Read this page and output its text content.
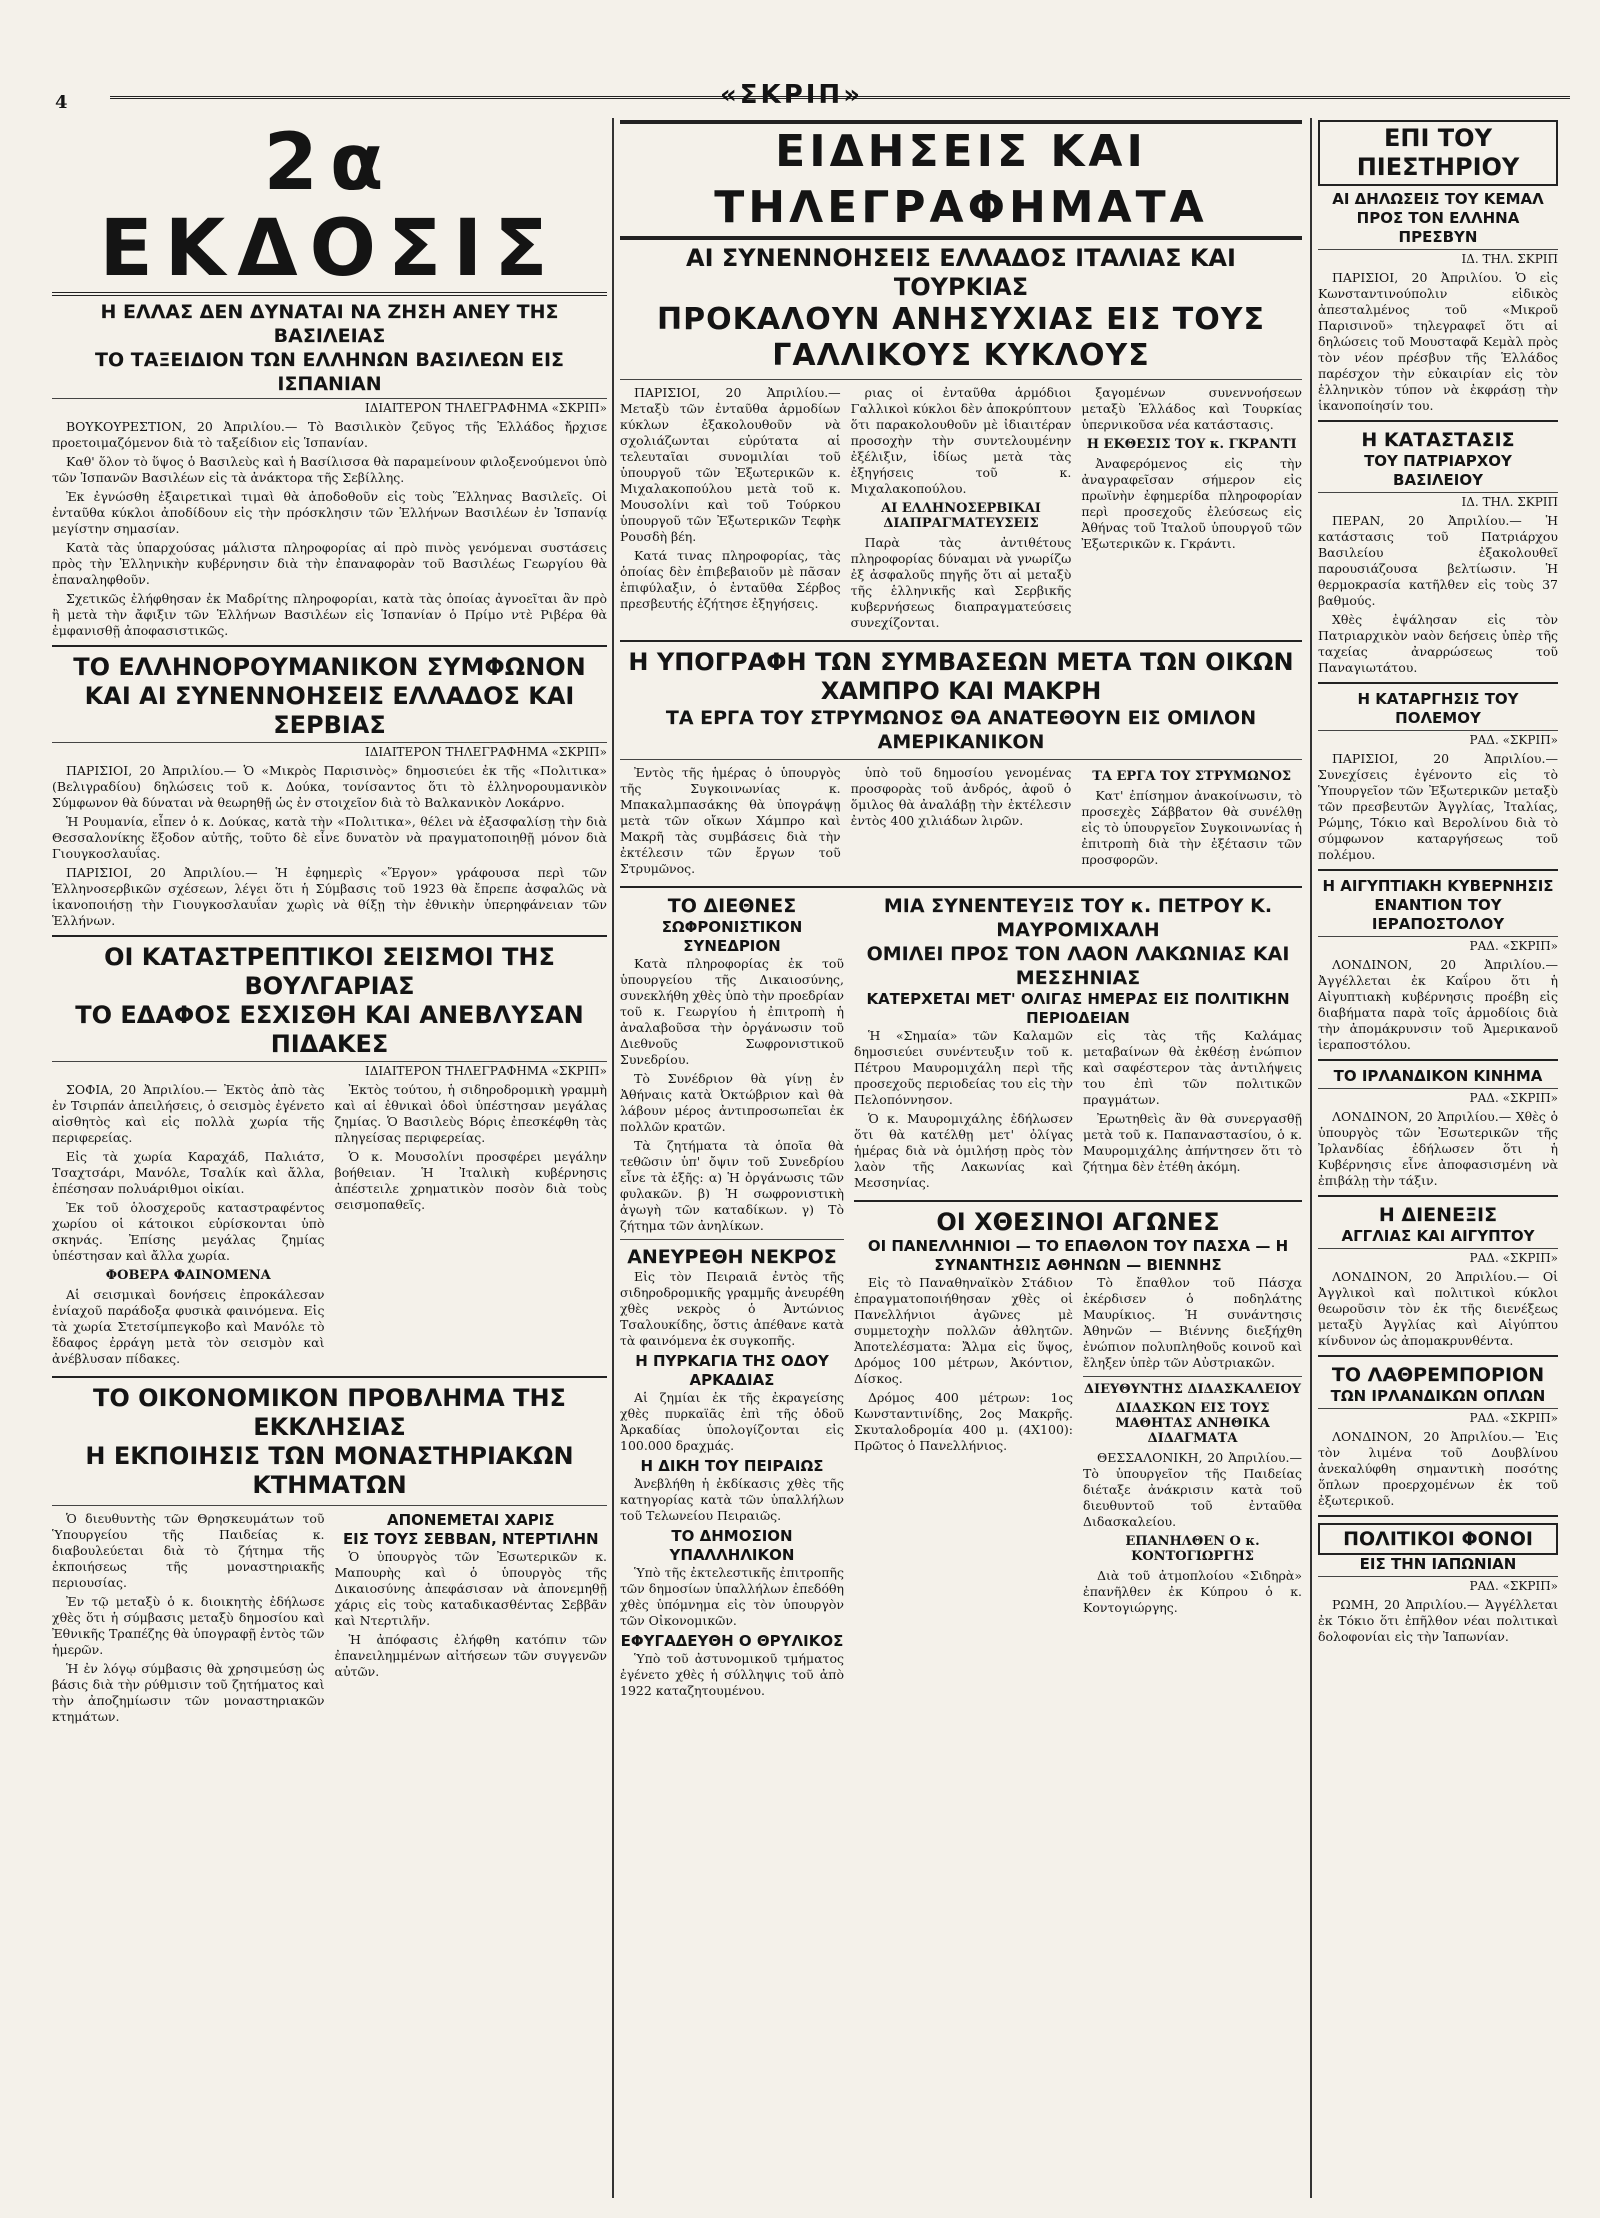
4	«ΣΚΡΙΠ»
2α ΕΚΔΟΣΙΣ
Η ΕΛΛΑΣ ΔΕΝ ΔΥΝΑΤΑΙ ΝΑ ΖΗΣΗ ΑΝΕΥ ΤΗΣ ΒΑΣΙΛΕΙΑΣ
ΤΟ ΤΑΞΕΙΔΙΟΝ ΤΩΝ ΕΛΛΗΝΩΝ ΒΑΣΙΛΕΩΝ ΕΙΣ ΙΣΠΑΝΙΑΝ
ΙΔΙΑΙΤΕΡΟΝ ΤΗΛΕΓΡΑΦΗΜΑ «ΣΚΡΙΠ»

ΒΟΥΚΟΥΡΕΣΤΙΟΝ, 20 Ἀπριλίου.— Τὸ Βασιλικὸν ζεῦγος τῆς Ἑλλάδος ἤρχισε προετοιμαζόμενον διὰ τὸ ταξείδιον εἰς Ἱσπανίαν.

Καθ' ὅλον τὸ ὕψος ὁ Βασιλεὺς καὶ ἡ Βασίλισσα θὰ παραμείνουν φιλοξενούμενοι ὑπὸ τῶν Ἱσπανῶν Βασιλέων εἰς τὰ ἀνάκτορα τῆς Σεβίλλης.

Ἐκ ἐγνώσθη ἐξαιρετικαὶ τιμαὶ θὰ ἀποδοθοῦν εἰς τοὺς Ἕλληνας Βασιλεῖς. Οἱ ἐνταῦθα κύκλοι ἀποδίδουν εἰς τὴν πρόσκλησιν τῶν Ἑλλήνων Βασιλέων ἐν Ἱσπανίᾳ μεγίστην σημασίαν.

Κατὰ τὰς ὑπαρχούσας μάλιστα πληροφορίας αἱ πρὸ πινὸς γενόμεναι συστάσεις πρὸς τὴν Ἑλληνικὴν κυβέρνησιν διὰ τὴν ἐπαναφορὰν τοῦ Βασιλέως Γεωργίου θὰ ἐπαναληφθοῦν.

Σχετικῶς ἐλήφθησαν ἐκ Μαδρίτης πληροφορίαι, κατὰ τὰς ὁποίας ἀγνοεῖται ἂν πρὸ ἢ μετὰ τὴν ἄφιξιν τῶν Ἑλλήνων Βασιλέων εἰς Ἱσπανίαν ὁ Πρίμο ντὲ Ριβέρα θὰ ἐμφανισθῇ ἀποφασιστικῶς.

ΤΟ ΕΛΛΗΝΟΡΟΥΜΑΝΙΚΟΝ ΣΥΜΦΩΝΟΝ
ΚΑΙ ΑΙ ΣΥΝΕΝΝΟΗΣΕΙΣ ΕΛΛΑΔΟΣ ΚΑΙ ΣΕΡΒΙΑΣ
ΙΔΙΑΙΤΕΡΟΝ ΤΗΛΕΓΡΑΦΗΜΑ «ΣΚΡΙΠ»

ΠΑΡΙΣΙΟΙ, 20 Ἀπριλίου.— Ὁ «Μικρὸς Παρισινὸς» δημοσιεύει ἐκ τῆς «Πολιτικα» (Βελιγραδίου) δηλώσεις τοῦ κ. Δούκα, τονίσαντος ὅτι τὸ ἑλληνορουμανικὸν Σύμφωνον θὰ δύναται νὰ θεωρηθῇ ὡς ἐν στοιχεῖον διὰ τὸ Βαλκανικὸν Λοκάρνο.

Ἡ Ρουμανία, εἶπεν ὁ κ. Δούκας, κατὰ τὴν «Πολιτικα», θέλει νὰ ἐξασφαλίσῃ τὴν διὰ Θεσσαλονίκης ἔξοδον αὐτῆς, τοῦτο δὲ εἶνε δυνατὸν νὰ πραγματοποιηθῇ μόνον διὰ Γιουγκοσλαυΐας.

ΠΑΡΙΣΙΟΙ, 20 Ἀπριλίου.— Ἡ ἐφημερὶς «Ἔργον» γράφουσα περὶ τῶν Ἑλληνοσερβικῶν σχέσεων, λέγει ὅτι ἡ Σύμβασις τοῦ 1923 θὰ ἔπρεπε ἀσφαλῶς νὰ ἱκανοποιήσῃ τὴν Γιουγκοσλαυΐαν χωρὶς νὰ θίξῃ τὴν ἐθνικὴν ὑπερηφάνειαν τῶν Ἑλλήνων.

ΟΙ ΚΑΤΑΣΤΡΕΠΤΙΚΟΙ ΣΕΙΣΜΟΙ ΤΗΣ ΒΟΥΛΓΑΡΙΑΣ
ΤΟ ΕΔΑΦΟΣ ΕΣΧΙΣΘΗ ΚΑΙ ΑΝΕΒΛΥΣΑΝ ΠΙΔΑΚΕΣ
ΙΔΙΑΙΤΕΡΟΝ ΤΗΛΕΓΡΑΦΗΜΑ «ΣΚΡΙΠ»

ΣΟΦΙΑ, 20 Ἀπριλίου.— Ἐκτὸς ἀπὸ τὰς ἐν Τσιρπάν ἀπειλήσεις, ὁ σεισμὸς ἐγένετο αἰσθητὸς καὶ εἰς πολλὰ χωρία τῆς περιφερείας.

Εἰς τὰ χωρία Καραχάδ, Παλιάτσ, Τσαχτσάρι, Μανόλε, Τσαλίκ καὶ ἄλλα, ἐπέσησαν πολυάριθμοι οἰκίαι.

Ἐκ τοῦ ὁλοσχεροῦς καταστραφέντος χωρίου οἱ κάτοικοι εὑρίσκονται ὑπὸ σκηνάς. Ἐπίσης μεγάλας ζημίας ὑπέστησαν καὶ ἄλλα χωρία.

ΦΟΒΕΡΑ ΦΑΙΝΟΜΕΝΑ

Αἱ σεισμικαὶ δονήσεις ἐπροκάλεσαν ἐνίαχοῦ παράδοξα φυσικὰ φαινόμενα. Εἰς τὰ χωρία Στετσίμπεγκοβο καὶ Μανόλε τὸ ἔδαφος ἐρράγη μετὰ τὸν σεισμὸν καὶ ἀνέβλυσαν πίδακες.

Ἐκτὸς τούτου, ἡ σιδηροδρομικὴ γραμμὴ καὶ αἱ ἐθνικαὶ ὁδοὶ ὑπέστησαν μεγάλας ζημίας. Ὁ Βασιλεὺς Βόρις ἐπεσκέφθη τὰς πληγείσας περιφερείας.

Ὁ κ. Μουσολίνι προσφέρει μεγάλην βοήθειαν. Ἡ Ἰταλικὴ κυβέρνησις ἀπέστειλε χρηματικὸν ποσὸν διὰ τοὺς σεισμοπαθεῖς.

ΤΟ ΟΙΚΟΝΟΜΙΚΟΝ ΠΡΟΒΛΗΜΑ ΤΗΣ ΕΚΚΛΗΣΙΑΣ
Η ΕΚΠΟΙΗΣΙΣ ΤΩΝ ΜΟΝΑΣΤΗΡΙΑΚΩΝ ΚΤΗΜΑΤΩΝ

Ὁ διευθυντὴς τῶν Θρησκευμάτων τοῦ Ὑπουργείου τῆς Παιδείας κ. διαβουλεύεται διὰ τὸ ζήτημα τῆς ἐκποιήσεως τῆς μοναστηριακῆς περιουσίας.

Ἐν τῷ μεταξὺ ὁ κ. διοικητὴς ἐδήλωσε χθὲς ὅτι ἡ σύμβασις μεταξὺ δημοσίου καὶ Ἐθνικῆς Τραπέζης θὰ ὑπογραφῇ ἐντὸς τῶν ἡμερῶν.

Ἡ ἐν λόγῳ σύμβασις θὰ χρησιμεύσῃ ὡς βάσις διὰ τὴν ρύθμισιν τοῦ ζητήματος καὶ τὴν ἀποζημίωσιν τῶν μοναστηριακῶν κτημάτων.

ΑΠΟΝΕΜΕΤΑΙ ΧΑΡΙΣ
ΕΙΣ ΤΟΥΣ ΣΕΒΒΑΝ, ΝΤΕΡΤΙΛΗΝ

Ὁ ὑπουργὸς τῶν Ἐσωτερικῶν κ. Μαπουρὴς καὶ ὁ ὑπουργὸς τῆς Δικαιοσύνης ἀπεφάσισαν νὰ ἀπονεμηθῇ χάρις εἰς τοὺς καταδικασθέντας Σεββᾶν καὶ Ντερτιλῆν.

Ἡ ἀπόφασις ἐλήφθη κατόπιν τῶν ἐπανειλημμένων αἰτήσεων τῶν συγγενῶν αὐτῶν.

ΕΙΔΗΣΕΙΣ ΚΑΙ ΤΗΛΕΓΡΑΦΗΜΑΤΑ
ΑΙ ΣΥΝΕΝΝΟΗΣΕΙΣ ΕΛΛΑΔΟΣ ΙΤΑΛΙΑΣ ΚΑΙ ΤΟΥΡΚΙΑΣ
ΠΡΟΚΑΛΟΥΝ ΑΝΗΣΥΧΙΑΣ ΕΙΣ ΤΟΥΣ ΓΑΛΛΙΚΟΥΣ ΚΥΚΛΟΥΣ

ΠΑΡΙΣΙΟΙ, 20 Ἀπριλίου.— Μεταξὺ τῶν ἐνταῦθα ἁρμοδίων κύκλων ἐξακολουθοῦν νὰ σχολιάζωνται εὐρύτατα αἱ τελευταῖαι συνομιλίαι τοῦ ὑπουργοῦ τῶν Ἐξωτερικῶν κ. Μιχαλακοπούλου μετὰ τοῦ κ. Μουσολίνι καὶ τοῦ Τούρκου ὑπουργοῦ τῶν Ἐξωτερικῶν Τεφὴκ Ρουσδὴ βέη.

Κατά τινας πληροφορίας, τὰς ὁποίας δὲν ἐπιβεβαιοῦν μὲ πᾶσαν ἐπιφύλαξιν, ὁ ἐνταῦθα Σέρβος πρεσβευτής ἐζήτησε ἐξηγήσεις.

ριας οἱ ἐνταῦθα ἁρμόδιοι Γαλλικοὶ κύκλοι δὲν ἀποκρύπτουν ὅτι παρακολουθοῦν μὲ ἰδιαιτέραν προσοχὴν τὴν συντελουμένην ἐξέλιξιν, ἰδίως μετὰ τὰς ἐξηγήσεις τοῦ κ. Μιχαλακοπούλου.

ΑΙ ΕΛΛΗΝΟΣΕΡΒΙΚΑΙ ΔΙΑΠΡΑΓΜΑΤΕΥΣΕΙΣ

Παρὰ τὰς ἀντιθέτους πληροφορίας δύναμαι νὰ γνωρίζω ἐξ ἀσφαλοῦς πηγῆς ὅτι αἱ μεταξὺ τῆς ἑλληνικῆς καὶ Σερβικῆς κυβερνήσεως διαπραγματεύσεις συνεχίζονται.

ξαγομένων συνεννοήσεων μεταξὺ Ἑλλάδος καὶ Τουρκίας ὑπερνικοῦσα νέα κατάστασις.

Η ΕΚΘΕΣΙΣ ΤΟΥ κ. ΓΚΡΑΝΤΙ

Ἀναφερόμενος εἰς τὴν ἀναγραφεῖσαν σήμερον εἰς πρωϊνὴν ἐφημερίδα πληροφορίαν περὶ προσεχοῦς ἐλεύσεως εἰς Ἀθήνας τοῦ Ἰταλοῦ ὑπουργοῦ τῶν Ἐξωτερικῶν κ. Γκράντι.

Η ΥΠΟΓΡΑΦΗ ΤΩΝ ΣΥΜΒΑΣΕΩΝ ΜΕΤΑ ΤΩΝ ΟΙΚΩΝ ΧΑΜΠΡΟ ΚΑΙ ΜΑΚΡΗ
ΤΑ ΕΡΓΑ ΤΟΥ ΣΤΡΥΜΩΝΟΣ ΘΑ ΑΝΑΤΕΘΟΥΝ ΕΙΣ ΟΜΙΛΟΝ ΑΜΕΡΙΚΑΝΙΚΟΝ

Ἐντὸς τῆς ἡμέρας ὁ ὑπουργὸς τῆς Συγκοινωνίας κ. Μπακαλμπασάκης θὰ ὑπογράψῃ μετὰ τῶν οἴκων Χάμπρο καὶ Μακρῆ τὰς συμβάσεις διὰ τὴν ἐκτέλεσιν τῶν ἔργων τοῦ Στρυμῶνος.

ὑπὸ τοῦ δημοσίου γενομένας προσφορὰς τοῦ ἀνδρός, ἀφοῦ ὁ ὅμιλος θὰ ἀναλάβῃ τὴν ἐκτέλεσιν ἐντὸς 400 χιλιάδων λιρῶν.

ΤΑ ΕΡΓΑ ΤΟΥ ΣΤΡΥΜΩΝΟΣ

Κατ' ἐπίσημον ἀνακοίνωσιν, τὸ προσεχὲς Σάββατον θὰ συνέλθῃ εἰς τὸ ὑπουργεῖον Συγκοινωνίας ἡ ἐπιτροπὴ διὰ τὴν ἐξέτασιν τῶν προσφορῶν.

ΤΟ ΔΙΕΘΝΕΣ
ΣΩΦΡΟΝΙΣΤΙΚΟΝ ΣΥΝΕΔΡΙΟΝ

Κατὰ πληροφορίας ἐκ τοῦ ὑπουργείου τῆς Δικαιοσύνης, συνεκλήθη χθὲς ὑπὸ τὴν προεδρίαν τοῦ κ. Γεωργίου ἡ ἐπιτροπὴ ἡ ἀναλαβοῦσα τὴν ὀργάνωσιν τοῦ Διεθνοῦς Σωφρονιστικοῦ Συνεδρίου.

Τὸ Συνέδριον θὰ γίνῃ ἐν Ἀθήναις κατὰ Ὀκτώβριον καὶ θὰ λάβουν μέρος ἀντιπροσωπεῖαι ἐκ πολλῶν κρατῶν.

Τὰ ζητήματα τὰ ὁποῖα θὰ τεθῶσιν ὑπ' ὄψιν τοῦ Συνεδρίου εἶνε τὰ ἑξῆς: α) Ἡ ὀργάνωσις τῶν φυλακῶν. β) Ἡ σωφρονιστικὴ ἀγωγὴ τῶν καταδίκων. γ) Τὸ ζήτημα τῶν ἀνηλίκων.

ΑΝΕΥΡΕΘΗ ΝΕΚΡΟΣ

Εἰς τὸν Πειραιᾶ ἐντὸς τῆς σιδηροδρομικῆς γραμμῆς ἀνευρέθη χθὲς νεκρὸς ὁ Ἀντώνιος Τσαλουκίδης, ὅστις ἀπέθανε κατὰ τὰ φαινόμενα ἐκ συγκοπῆς.

Η ΠΥΡΚΑΓΙΑ ΤΗΣ ΟΔΟΥ ΑΡΚΑΔΙΑΣ

Αἱ ζημίαι ἐκ τῆς ἐκραγείσης χθὲς πυρκαϊᾶς ἐπὶ τῆς ὁδοῦ Ἀρκαδίας ὑπολογίζονται εἰς 100.000 δραχμάς.

Η ΔΙΚΗ ΤΟΥ ΠΕΙΡΑΙΩΣ

Ἀνεβλήθη ἡ ἐκδίκασις χθὲς τῆς κατηγορίας κατὰ τῶν ὑπαλλήλων τοῦ Τελωνείου Πειραιῶς.

ΤΟ ΔΗΜΟΣΙΟΝ ΥΠΑΛΛΗΛΙΚΟΝ

Ὑπὸ τῆς ἐκτελεστικῆς ἐπιτροπῆς τῶν δημοσίων ὑπαλλήλων ἐπεδόθη χθὲς ὑπόμνημα εἰς τὸν ὑπουργὸν τῶν Οἰκονομικῶν.

ΕΦΥΓΑΔΕΥΘΗ Ο ΘΡΥΛΙΚΟΣ

Ὑπὸ τοῦ ἀστυνομικοῦ τμήματος ἐγένετο χθὲς ἡ σύλληψις τοῦ ἀπὸ 1922 καταζητουμένου.

ΜΙΑ ΣΥΝΕΝΤΕΥΞΙΣ ΤΟΥ κ. ΠΕΤΡΟΥ Κ. ΜΑΥΡΟΜΙΧΑΛΗ
ΟΜΙΛΕΙ ΠΡΟΣ ΤΟΝ ΛΑΟΝ ΛΑΚΩΝΙΑΣ ΚΑΙ ΜΕΣΣΗΝΙΑΣ
ΚΑΤΕΡΧΕΤΑΙ ΜΕΤ' ΟΛΙΓΑΣ ΗΜΕΡΑΣ ΕΙΣ ΠΟΛΙΤΙΚΗΝ ΠΕΡΙΟΔΕΙΑΝ

Ἡ «Σημαία» τῶν Καλαμῶν δημοσιεύει συνέντευξιν τοῦ κ. Πέτρου Μαυρομιχάλη περὶ τῆς προσεχοῦς περιοδείας του εἰς τὴν Πελοπόννησον.

Ὁ κ. Μαυρομιχάλης ἐδήλωσεν ὅτι θὰ κατέλθῃ μετ' ὀλίγας ἡμέρας διὰ νὰ ὁμιλήσῃ πρὸς τὸν λαὸν τῆς Λακωνίας καὶ Μεσσηνίας.

εἰς τὰς τῆς Καλάμας μεταβαίνων θὰ ἐκθέσῃ ἐνώπιον καὶ σαφέστερον τὰς ἀντιλήψεις του ἐπὶ τῶν πολιτικῶν πραγμάτων.

Ἐρωτηθεὶς ἂν θὰ συνεργασθῇ μετὰ τοῦ κ. Παπαναστασίου, ὁ κ. Μαυρομιχάλης ἀπήντησεν ὅτι τὸ ζήτημα δὲν ἐτέθη ἀκόμη.

ΟΙ ΧΘΕΣΙΝΟΙ ΑΓΩΝΕΣ
ΟΙ ΠΑΝΕΛΛΗΝΙΟΙ — ΤΟ ΕΠΑΘΛΟΝ ΤΟΥ ΠΑΣΧΑ — Η ΣΥΝΑΝΤΗΣΙΣ ΑΘΗΝΩΝ — ΒΙΕΝΝΗΣ

Εἰς τὸ Παναθηναϊκὸν Στάδιον ἐπραγματοποιήθησαν χθὲς οἱ Πανελλήνιοι ἀγῶνες μὲ συμμετοχὴν πολλῶν ἀθλητῶν. Ἀποτελέσματα: Ἄλμα εἰς ὕψος, Δρόμος 100 μέτρων, Ἀκόντιον, Δίσκος.

Δρόμος 400 μέτρων: 1ος Κωνσταντινίδης, 2ος Μακρῆς. Σκυταλοδρομία 400 μ. (4Χ100): Πρῶτος ὁ Πανελλήνιος.

Τὸ ἔπαθλον τοῦ Πάσχα ἐκέρδισεν ὁ ποδηλάτης Μαυρίκιος. Ἡ συνάντησις Ἀθηνῶν — Βιέννης διεξήχθη ἐνώπιον πολυπληθοῦς κοινοῦ καὶ ἔληξεν ὑπὲρ τῶν Αὐστριακῶν.

ΔΙΕΥΘΥΝΤΗΣ ΔΙΔΑΣΚΑΛΕΙΟΥ
ΔΙΔΑΣΚΩΝ ΕΙΣ ΤΟΥΣ ΜΑΘΗΤΑΣ ΑΝΗΘΙΚΑ ΔΙΔΑΓΜΑΤΑ

ΘΕΣΣΑΛΟΝΙΚΗ, 20 Ἀπριλίου.— Τὸ ὑπουργεῖον τῆς Παιδείας διέταξε ἀνάκρισιν κατὰ τοῦ διευθυντοῦ τοῦ ἐνταῦθα Διδασκαλείου.

ΕΠΑΝΗΛΘΕΝ Ο κ. ΚΟΝΤΟΓΙΩΡΓΗΣ

Διὰ τοῦ ἀτμοπλοίου «Σιδηρὰ» ἐπανῆλθεν ἐκ Κύπρου ὁ κ. Κοντογιώργης.

ΕΠΙ ΤΟΥ ΠΙΕΣΤΗΡΙΟΥ
ΑΙ ΔΗΛΩΣΕΙΣ ΤΟΥ ΚΕΜΑΛ
ΠΡΟΣ ΤΟΝ ΕΛΛΗΝΑ ΠΡΕΣΒΥΝ
ΙΔ. ΤΗΛ. ΣΚΡΙΠ

ΠΑΡΙΣΙΟΙ, 20 Ἀπριλίου. Ὁ εἰς Κωνσταντινούπολιν εἰδικὸς ἀπεσταλμένος τοῦ «Μικροῦ Παρισινοῦ» τηλεγραφεῖ ὅτι αἱ δηλώσεις τοῦ Μουσταφᾶ Κεμὰλ πρὸς τὸν νέον πρέσβυν τῆς Ἑλλάδος παρέσχον τὴν εὐκαιρίαν εἰς τὸν ἑλληνικὸν τύπον νὰ ἐκφράσῃ τὴν ἱκανοποίησίν του.

Η ΚΑΤΑΣΤΑΣΙΣ
ΤΟΥ ΠΑΤΡΙΑΡΧΟΥ ΒΑΣΙΛΕΙΟΥ
ΙΔ. ΤΗΛ. ΣΚΡΙΠ

ΠΕΡΑΝ, 20 Ἀπριλίου.— Ἡ κατάστασις τοῦ Πατριάρχου Βασιλείου ἐξακολουθεῖ παρουσιάζουσα βελτίωσιν. Ἡ θερμοκρασία κατῆλθεν εἰς τοὺς 37 βαθμούς.

Χθὲς ἐψάλησαν εἰς τὸν Πατριαρχικὸν ναὸν δεήσεις ὑπὲρ τῆς ταχείας ἀναρρώσεως τοῦ Παναγιωτάτου.

Η ΚΑΤΑΡΓΗΣΙΣ ΤΟΥ ΠΟΛΕΜΟΥ
ΡΑΔ. «ΣΚΡΙΠ»

ΠΑΡΙΣΙΟΙ, 20 Ἀπριλίου.— Συνεχίσεις ἐγένοντο εἰς τὸ Ὑπουργεῖον τῶν Ἐξωτερικῶν μεταξὺ τῶν πρεσβευτῶν Ἀγγλίας, Ἰταλίας, Ρώμης, Τόκιο καὶ Βερολίνου διὰ τὸ σύμφωνον καταργήσεως τοῦ πολέμου.

Η ΑΙΓΥΠΤΙΑΚΗ ΚΥΒΕΡΝΗΣΙΣ
ΕΝΑΝΤΙΟΝ ΤΟΥ ΙΕΡΑΠΟΣΤΟΛΟΥ
ΡΑΔ. «ΣΚΡΙΠ»

ΛΟΝΔΙΝΟΝ, 20 Ἀπριλίου.— Ἀγγέλλεται ἐκ Καΐρου ὅτι ἡ Αἰγυπτιακὴ κυβέρνησις προέβη εἰς διαβήματα παρὰ τοῖς ἁρμοδίοις διὰ τὴν ἀπομάκρυνσιν τοῦ Ἀμερικανοῦ ἱεραποστόλου.

ΤΟ ΙΡΛΑΝΔΙΚΟΝ ΚΙΝΗΜΑ
ΡΑΔ. «ΣΚΡΙΠ»

ΛΟΝΔΙΝΟΝ, 20 Ἀπριλίου.— Χθὲς ὁ ὑπουργὸς τῶν Ἐσωτερικῶν τῆς Ἰρλανδίας ἐδήλωσεν ὅτι ἡ Κυβέρνησις εἶνε ἀποφασισμένη νὰ ἐπιβάλῃ τὴν τάξιν.

Η ΔΙΕΝΕΞΙΣ
ΑΓΓΛΙΑΣ ΚΑΙ ΑΙΓΥΠΤΟΥ
ΡΑΔ. «ΣΚΡΙΠ»

ΛΟΝΔΙΝΟΝ, 20 Ἀπριλίου.— Οἱ Ἀγγλικοὶ καὶ πολιτικοὶ κύκλοι θεωροῦσιν τὸν ἐκ τῆς διενέξεως μεταξὺ Ἀγγλίας καὶ Αἰγύπτου κίνδυνον ὡς ἀπομακρυνθέντα.

ΤΟ ΛΑΘΡΕΜΠΟΡΙΟΝ
ΤΩΝ ΙΡΛΑΝΔΙΚΩΝ ΟΠΛΩΝ
ΡΑΔ. «ΣΚΡΙΠ»

ΛΟΝΔΙΝΟΝ, 20 Ἀπριλίου.— Ἐις τὸν λιμένα τοῦ Δουβλίνου ἀνεκαλύφθη σημαντικὴ ποσότης ὅπλων προερχομένων ἐκ τοῦ ἐξωτερικοῦ.

ΠΟΛΙΤΙΚΟΙ ΦΟΝΟΙ
ΕΙΣ ΤΗΝ ΙΑΠΩΝΙΑΝ
ΡΑΔ. «ΣΚΡΙΠ»

ΡΩΜΗ, 20 Ἀπριλίου.— Ἀγγέλλεται ἐκ Τόκιο ὅτι ἐπῆλθον νέαι πολιτικαὶ δολοφονίαι εἰς τὴν Ἰαπωνίαν.
